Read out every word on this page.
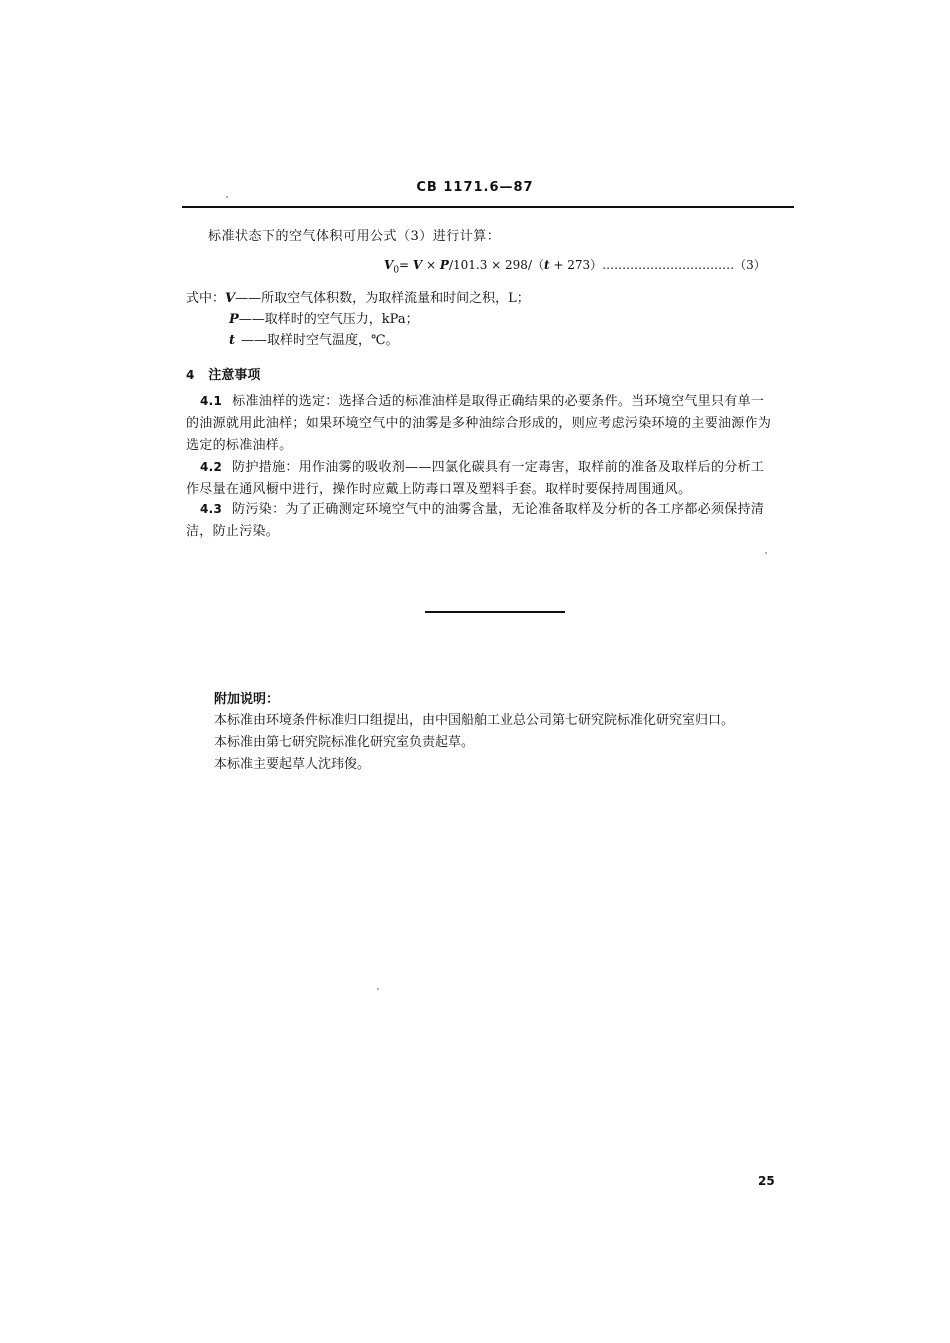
CB 1171.6—87
标准状态下的空气体积可用公式（3）进行计算：
$V_0= V \times P/101.3 \times 298/(t$ + 273）……………………………（3）
式中：V——所取空气体积数，为取样流量和时间之积，L；
P——取样时的空气压力，kPa；
t ——取样时空气温度，℃。
4 注意事项

4.1 标准油样的选定：选择合适的标准油样是取得正确结果的必要条件。当环境空气里只有单一

的油源就用此油样；如果环境空气中的油雾是多种油综合形成的，则应考虑污染环境的主要油源作为

选定的标准油样。

4.2 防护措施：用作油雾的吸收剂——四氯化碳具有一定毒害，取样前的准备及取样后的分析工

作尽量在通风橱中进行，操作时应戴上防毒口罩及塑料手套。取样时要保持周围通风。

4.3 防污染：为了正确测定环境空气中的油雾含量，无论准备取样及分析的各工序都必须保持清

洁，防止污染。

附加说明：
本标准由环境条件标准归口组提出，由中国船舶工业总公司第七研究院标准化研究室归口。
本标准由第七研究院标准化研究室负责起草。
本标准主要起草人沈玮俊。
25
